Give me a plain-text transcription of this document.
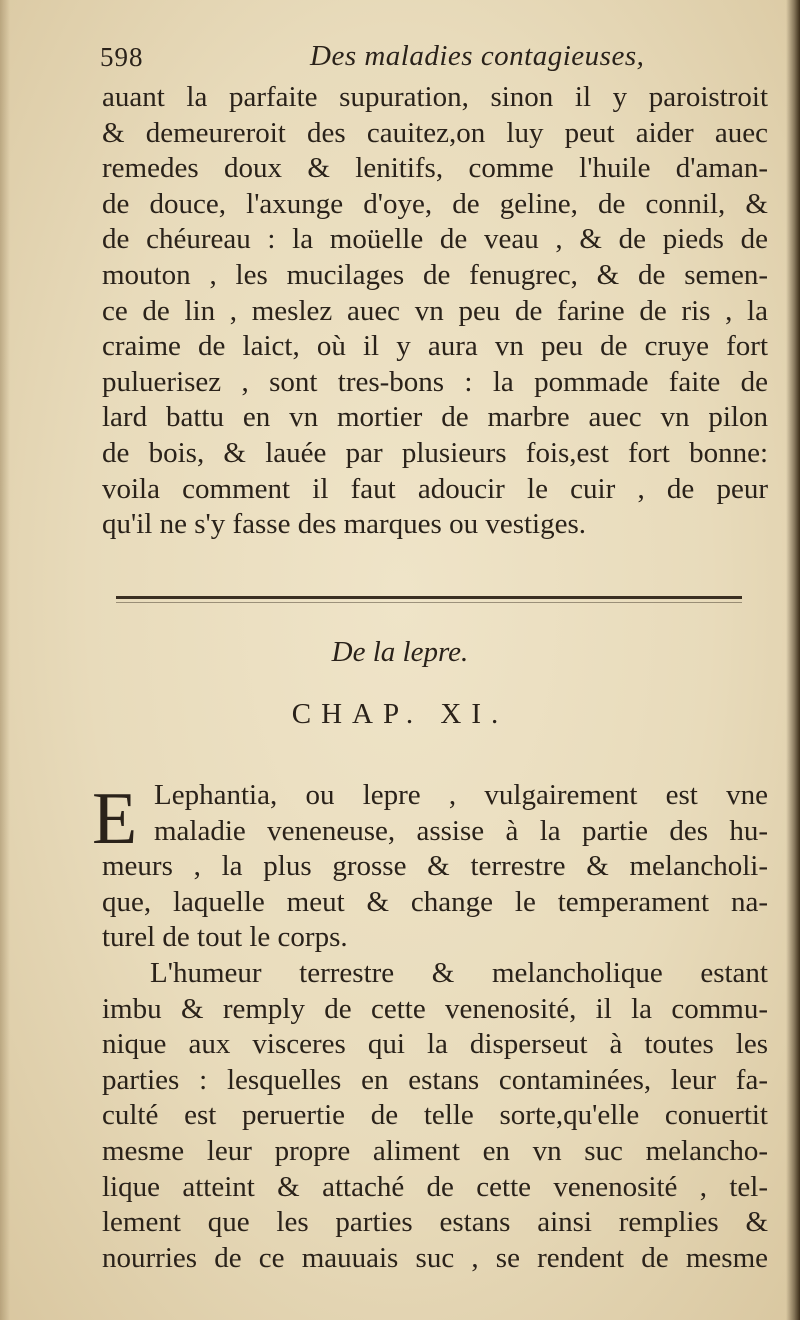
598	Des maladies contagieuses,
auant la parfaite supuration, sinon il y paroistroit
& demeureroit des cauitez,on luy peut aider auec
remedes doux & lenitifs, comme l'huile d'aman-
de douce, l'axunge d'oye, de geline, de connil, &
de chéureau : la moüelle de veau , & de pieds de
mouton , les mucilages de fenugrec, & de semen-
ce de lin , meslez auec vn peu de farine de ris , la
craime de laict, où il y aura vn peu de cruye fort
puluerisez , sont tres-bons : la pommade faite de
lard battu en vn mortier de marbre auec vn pilon
de bois, & lauée par plusieurs fois,est fort bonne:
voila comment il faut adoucir le cuir , de peur
qu'il ne s'y fasse des marques ou vestiges.
De la lepre.
CHAP. XI.
E Lephantia, ou lepre , vulgairement est vne
maladie veneneuse, assise à la partie des hu-
meurs , la plus grosse & terrestre & melancholi-
que, laquelle meut & change le temperament na-
turel de tout le corps.
L'humeur terrestre & melancholique estant
imbu & remply de cette venenosité, il la commu-
nique aux visceres qui la disperseut à toutes les
parties : lesquelles en estans contaminées, leur fa-
culté est peruertie de telle sorte,qu'elle conuertit
mesme leur propre aliment en vn suc melancho-
lique atteint & attaché de cette venenosité , tel-
lement que les parties estans ainsi remplies &
nourries de ce mauuais suc , se rendent de mesme
